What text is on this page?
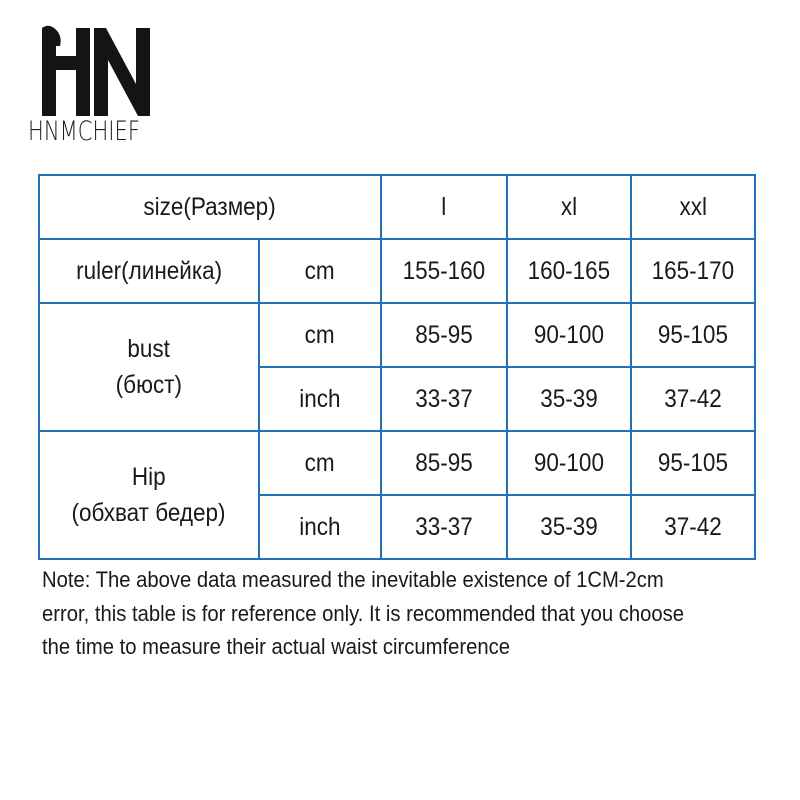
HNMCHIEF
size(Размер)	l	xl	xxl
ruler(линейка)	cm	155-160 160-165 165-170
bust
(бюст)
cm	85-95 90-100 95-105
inch	33-37	35-39	37-42
Hip
(обхват бедер)
cm	85-95 90-100 95-105
inch	33-37	35-39	37-42
Note: The above data measured the inevitable existence of 1CM-2cm
error, this table is for reference only. It is recommended that you choose
the time to measure their actual waist circumference
